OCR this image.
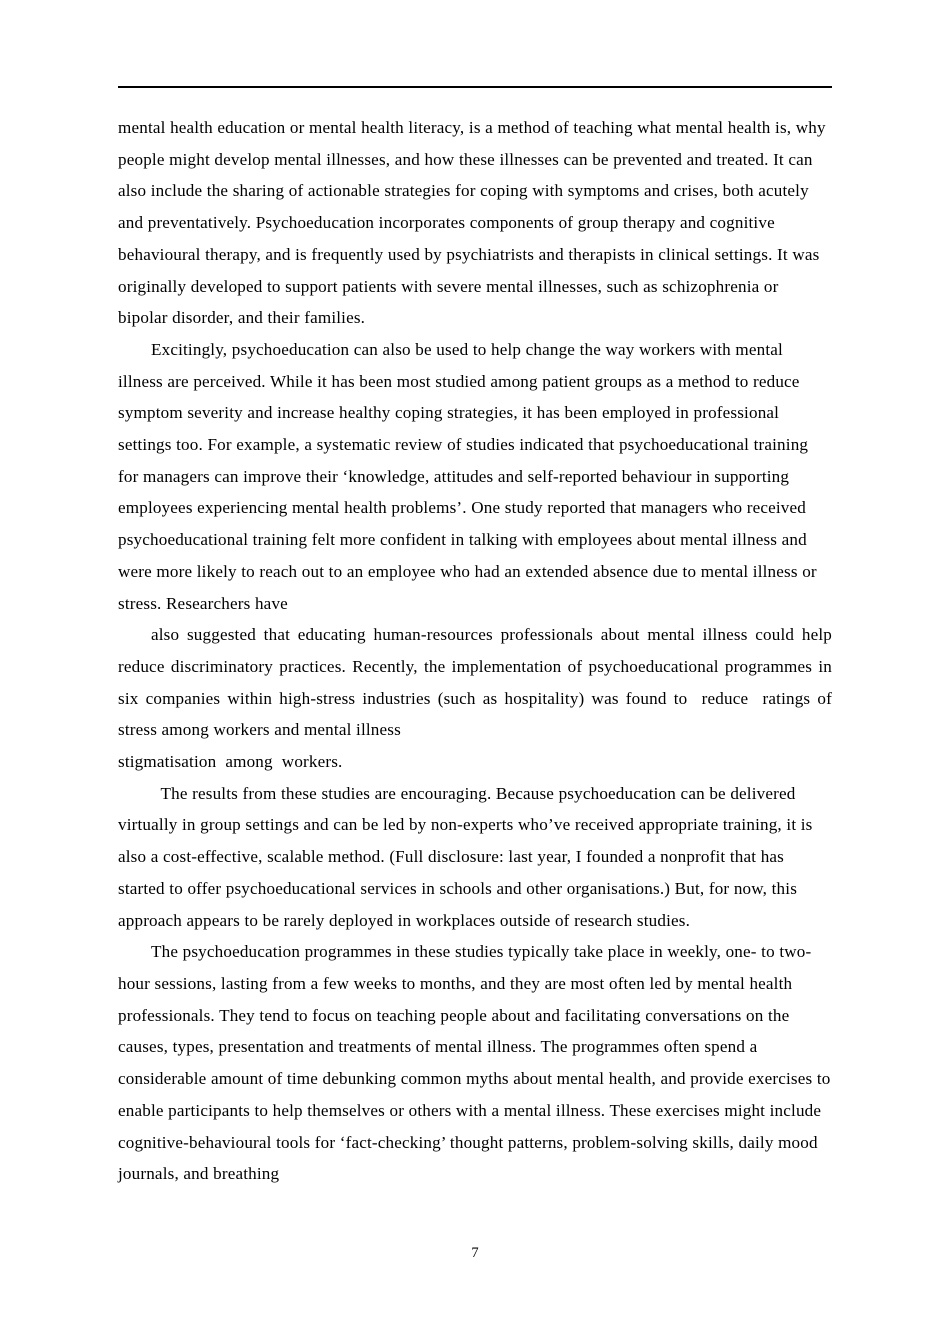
mental health education or mental health literacy, is a method of teaching what mental health is, why people might develop mental illnesses, and how these illnesses can be prevented and treated. It can also include the sharing of actionable strategies for coping with symptoms and crises, both acutely and preventatively. Psychoeducation incorporates components of group therapy and cognitive behavioural therapy, and is frequently used by psychiatrists and therapists in clinical settings. It was originally developed to support patients with severe mental illnesses, such as schizophrenia or bipolar disorder, and their families.

Excitingly, psychoeducation can also be used to help change the way workers with mental illness are perceived. While it has been most studied among patient groups as a method to reduce symptom severity and increase healthy coping strategies, it has been employed in professional settings too. For example, a systematic review of studies indicated that psychoeducational training for managers can improve their ‘knowledge, attitudes and self-reported behaviour in supporting employees experiencing mental health problems’. One study reported that managers who received psychoeducational training felt more confident in talking with employees about mental illness and were more likely to reach out to an employee who had an extended absence due to mental illness or stress. Researchers have
also suggested that educating human-resources professionals about mental illness could help reduce discriminatory practices. Recently, the implementation of psychoeducational programmes in six companies within high-stress industries (such as hospitality) was found to  reduce  ratings of stress among workers and mental illness
stigmatisation  among  workers.

The results from these studies are encouraging. Because psychoeducation can be delivered virtually in group settings and can be led by non-experts who’ve received appropriate training, it is also a cost-effective, scalable method. (Full disclosure: last year, I founded a nonprofit that has started to offer psychoeducational services in schools and other organisations.) But, for now, this approach appears to be rarely deployed in workplaces outside of research studies.

The psychoeducation programmes in these studies typically take place in weekly, one- to two-hour sessions, lasting from a few weeks to months, and they are most often led by mental health professionals. They tend to focus on teaching people about and facilitating conversations on the causes, types, presentation and treatments of mental illness. The programmes often spend a considerable amount of time debunking common myths about mental health, and provide exercises to enable participants to help themselves or others with a mental illness. These exercises might include cognitive-behavioural tools for ‘fact-checking’ thought patterns, problem-solving skills, daily mood journals, and breathing

7
